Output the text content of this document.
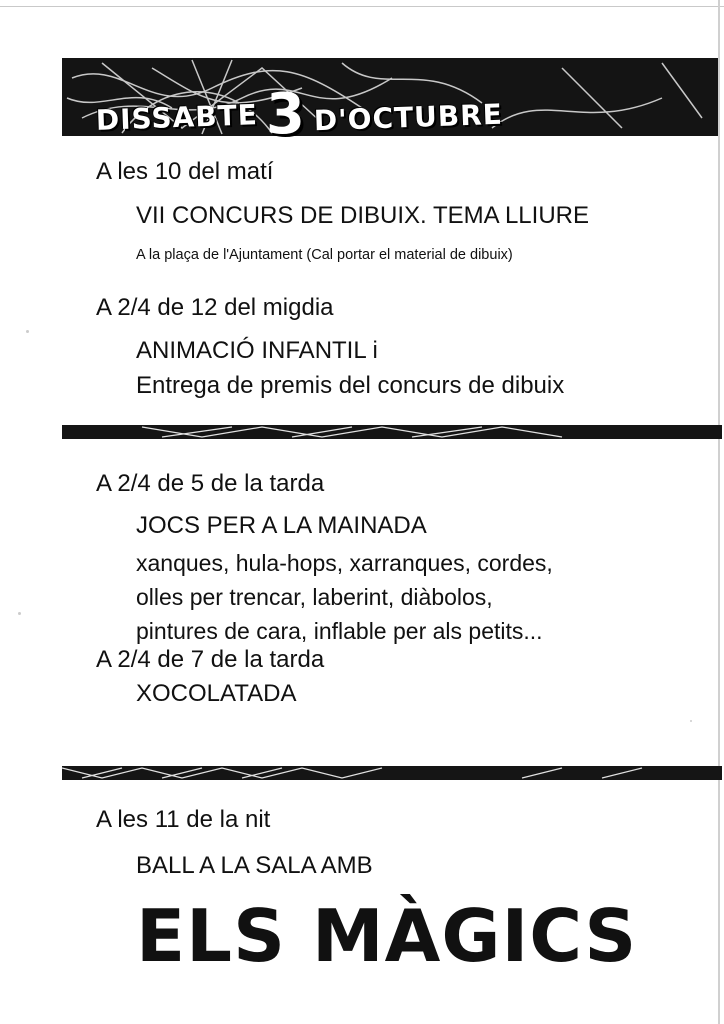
DISSABTE 3 D'OCTUBRE
A les 10 del matí
VII CONCURS DE DIBUIX. TEMA LLIURE
A la plaça de l'Ajuntament (Cal portar el material de dibuix)
A 2/4 de 12 del migdia
ANIMACIÓ INFANTIL i
Entrega de premis del concurs de dibuix
A 2/4 de 5 de la tarda
JOCS PER A LA MAINADA
xanques, hula-hops, xarranques, cordes,
olles per trencar, laberint, diàbolos,
pintures de cara, inflable per als petits...
A 2/4 de 7 de la tarda
XOCOLATADA
A les 11 de la nit
BALL A LA SALA AMB
ELS MÀGICS
